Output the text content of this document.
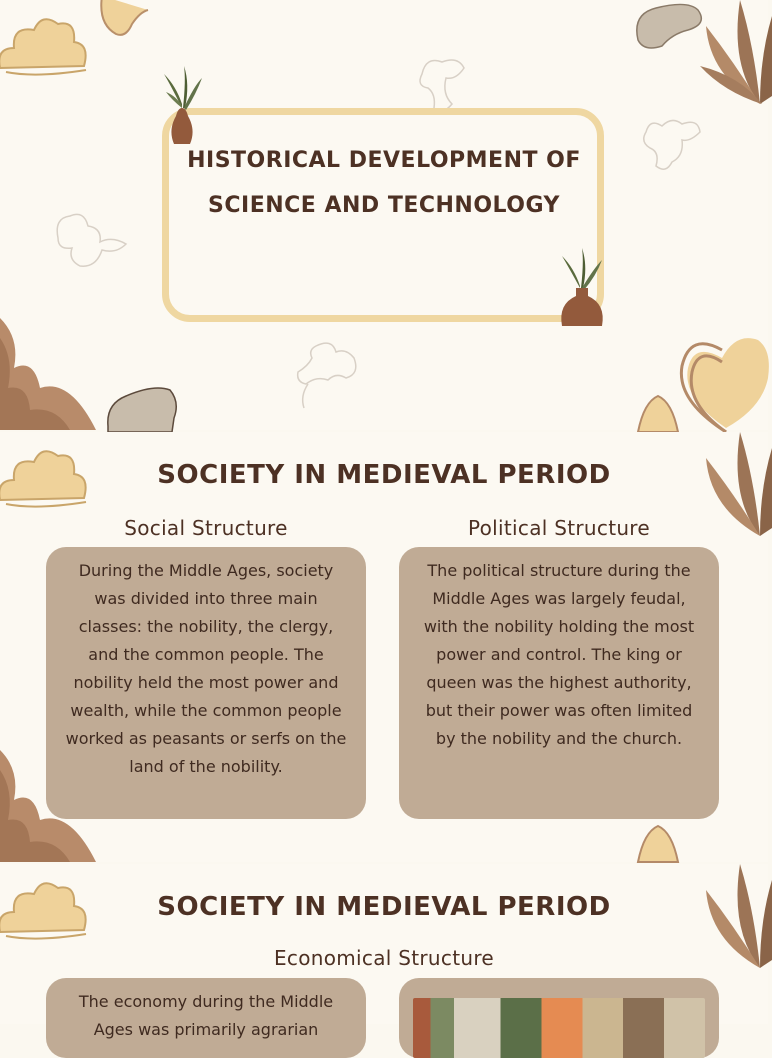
HISTORICAL DEVELOPMENT OF
SCIENCE AND TECHNOLOGY
SOCIETY IN MEDIEVAL PERIOD
Social Structure	Political Structure
During the Middle Ages, society was divided into three main classes: the nobility, the clergy, and the common people. The nobility held the most power and wealth, while the common people worked as peasants or serfs on the land of the nobility.
The political structure during the Middle Ages was largely feudal, with the nobility holding the most power and control. The king or queen was the highest authority, but their power was often limited by the nobility and the church.
SOCIETY IN MEDIEVAL PERIOD
Economical Structure
The economy during the Middle Ages was primarily agrarian
